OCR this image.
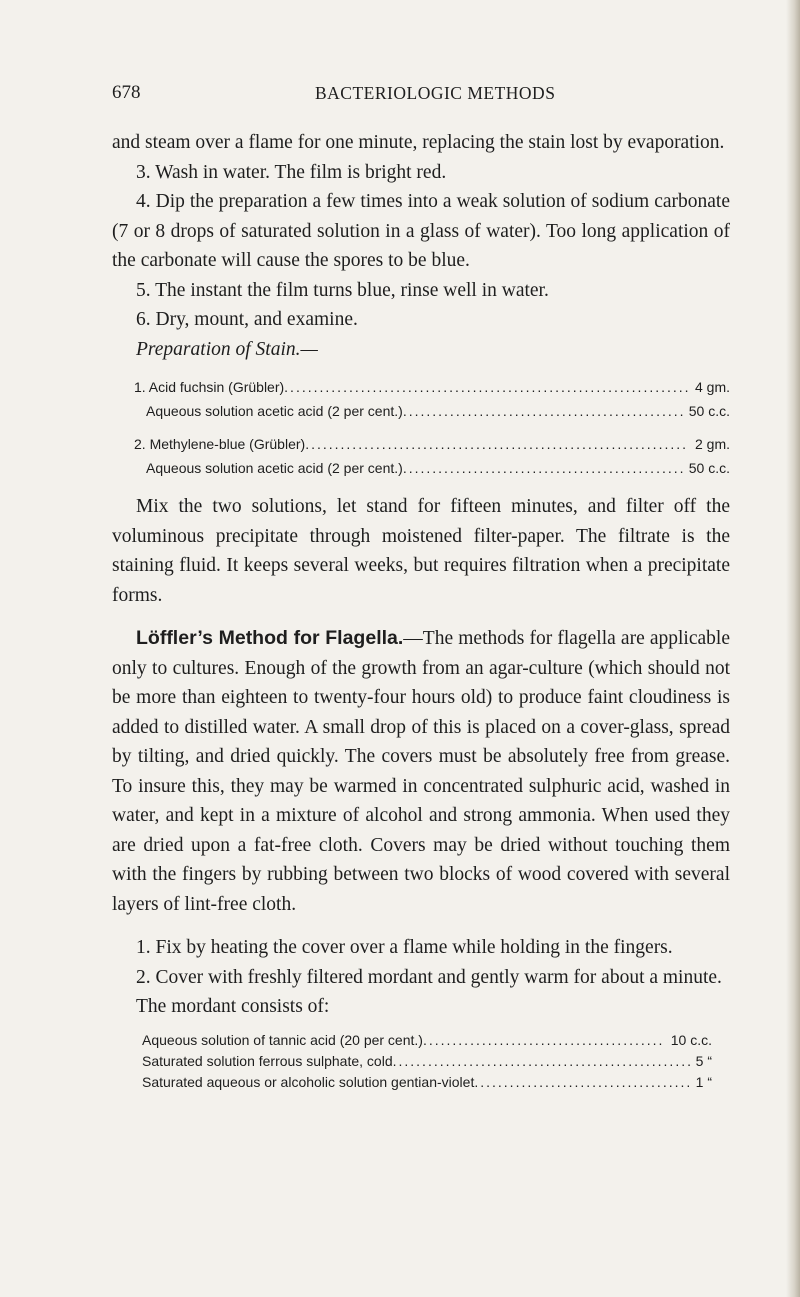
678	BACTERIOLOGIC METHODS

and steam over a flame for one minute, replacing the stain lost by evaporation.

3. Wash in water. The film is bright red.

4. Dip the preparation a few times into a weak solution of sodium carbonate (7 or 8 drops of saturated solution in a glass of water). Too long application of the carbonate will cause the spores to be blue.

5. The instant the film turns blue, rinse well in water.

6. Dry, mount, and examine.

Preparation of Stain.—

1. Acid fuchsin (Grübler) .....	4 gm.
Aqueous solution acetic acid (2 per cent.) .....	50 c.c.
2. Methylene-blue (Grübler) .....	2 gm.
Aqueous solution acetic acid (2 per cent.) .....	50 c.c.

Mix the two solutions, let stand for fifteen minutes, and filter off the voluminous precipitate through moistened filter-paper. The filtrate is the staining fluid. It keeps several weeks, but requires filtration when a precipitate forms.

Löffler’s Method for Flagella.—The methods for flagella are applicable only to cultures. Enough of the growth from an agar-culture (which should not be more than eighteen to twenty-four hours old) to produce faint cloudiness is added to distilled water. A small drop of this is placed on a cover-glass, spread by tilting, and dried quickly. The covers must be absolutely free from grease. To insure this, they may be warmed in concentrated sulphuric acid, washed in water, and kept in a mixture of alcohol and strong ammonia. When used they are dried upon a fat-free cloth. Covers may be dried without touching them with the fingers by rubbing between two blocks of wood covered with several layers of lint-free cloth.

1. Fix by heating the cover over a flame while holding in the fingers.

2. Cover with freshly filtered mordant and gently warm for about a minute.

The mordant consists of:

Aqueous solution of tannic acid (20 per cent.) .....	10 c.c.
Saturated solution ferrous sulphate, cold .....	5 “
Saturated aqueous or alcoholic solution gentian-violet .....	1 “
